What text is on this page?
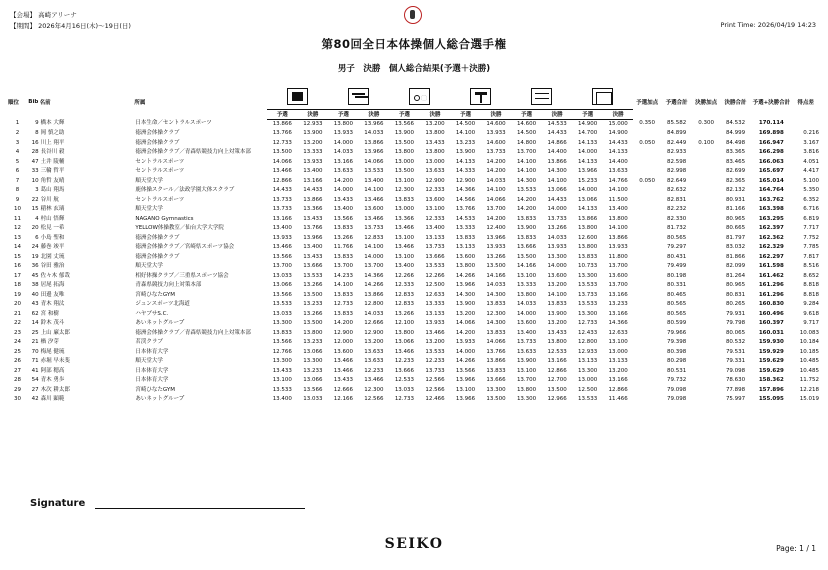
【会場】 高崎アリーナ
【期間】 2026年4月16日(木)～19日(日)	Print Time: 2026/04/19 14:23
第80回全日本体操個人総合選手権
男子　決勝　個人総合結果(予選＋決勝)
順位	Bib	名前	所属													予選加点	予選合計	決勝加点	決勝合計	予選+決勝合計	得点差
				予選	決勝	予選	決勝	予選	決勝	予選	決勝	予選	決勝	予選	決勝						
1	9	橋本 大輝	日本生命／セントラルスポーツ	13.866	12.933	13.800	13.966	13.566	13.200	14.500	14.600	14.600	14.533	14.900	15.000	0.350	85.582	0.300	84.532	170.114	
2	8	岡 慎之助	徳洲会体操クラブ	13.766	13.900	13.933	14.033	13.900	13.800	14.100	13.933	14.500	14.433	14.700	14.900		84.899		84.999	169.898	0.216
3	16	川上 翔平	徳洲会体操クラブ	12.733	13.200	14.000	13.866	13.500	13.433	13.233	14.600	14.800	14.866	14.133	14.433	0.050	82.449	0.100	84.498	166.947	3.167
4	28	長谷川 毅	徳洲会体操クラブ／青森県競技力向上対策本部	13.500	13.333	14.033	13.966	13.800	13.800	13.900	13.733	13.700	14.400	14.000	14.133		82.933		83.365	166.298	3.816
5	47	土井 陵輔	セントラルスポーツ	14.066	13.933	13.166	14.066	13.000	13.000	14.133	14.200	14.100	13.866	14.133	14.400		82.598		83.465	166.063	4.051
6	33	三輪 哲平	セントラルスポーツ	13.466	13.400	13.633	13.533	13.500	13.633	14.333	14.200	14.100	14.300	13.966	13.633		82.998		82.699	165.697	4.417
7	10	角哲 友晴	順天堂大学	12.866	13.166	14.200	13.400	13.100	12.900	12.900	14.033	14.300	14.100	15.233	14.766	0.050	82.649		82.365	165.014	5.100
8	3	葛山 翔馬	鹿体操スクール／法政学園大体スクラブ	14.433	14.433	14.000	14.100	12.300	12.333	14.366	14.100	13.533	13.066	14.000	14.100		82.632		82.132	164.764	5.350
9	22	谷川 航	セントラルスポーツ	13.733	13.866	13.433	13.466	13.833	13.600	14.566	14.066	14.200	14.433	13.066	11.500		82.831		80.931	163.762	6.352
10	15	稲林 玄璃	順天堂大学	13.733	13.366	13.400	13.600	13.000	13.100	13.766	13.700	14.200	14.000	14.133	13.400		82.232		81.166	163.398	6.716
11	4	村山 悟輝	NAGANO Gymnastics	13.166	13.433	13.566	13.466	13.366	12.333	14.533	14.200	13.833	13.733	13.866	13.800		82.330		80.965	163.295	6.819
12	20	松見 一希	YELLOW体操教室／仙台大学大学院	13.400	13.766	13.833	13.733	13.466	13.400	13.333	12.400	13.900	13.266	13.800	14.100		81.732		80.665	162.397	7.717
13	6	小島 聖和	徳洲会体操クラブ	13.933	13.966	13.266	12.833	13.100	13.133	13.833	13.966	13.833	14.033	12.600	13.866		80.565		81.797	162.362	7.752
14	24	藤巻 竣平	徳洲会体操クラブ／宮崎県スポーツ協会	13.466	13.400	11.766	14.100	13.466	13.733	13.133	13.933	13.666	13.933	13.800	13.933		79.297		83.032	162.329	7.785
15	19	北園 丈琉	徳洲会体操クラブ	13.566	13.433	13.833	14.000	13.100	13.666	13.600	13.266	13.500	13.300	13.833	11.800		80.431		81.866	162.297	7.817
16	36	谷田 雅治	順天堂大学	13.700	13.666	13.700	13.700	13.400	13.533	13.800	13.500	14.166	14.000	10.733	13.700		79.499		82.099	161.598	8.516
17	45	佐々木 郁哉	相好体操クラブ／三重県スポーツ協会	13.033	13.533	14.233	14.366	12.266	12.266	14.266	14.166	13.100	13.600	13.300	13.600		80.198		81.264	161.462	8.652
18	38	居尾 拓海	青森県競技力向上対策本部	13.066	13.266	14.100	14.266	12.333	12.500	13.966	14.033	13.333	13.200	13.533	13.700		80.331		80.965	161.296	8.818
19	40	田邊 友唯	宮崎ひなたGYM	13.566	13.500	13.833	13.866	12.833	12.633	14.300	14.300	13.800	14.100	13.733	13.166		80.465		80.831	161.296	8.818
20	43	青木 翔汰	ジュンスポーツ北海道	13.533	13.233	12.733	12.800	12.833	13.333	13.900	13.833	14.033	13.833	13.533	13.233		80.565		80.265	160.830	9.284
21	62	宮 和樹	ハヤブサS.C.	13.033	13.266	13.833	14.033	13.266	13.133	13.200	12.300	14.000	13.900	13.300	13.166		80.565		79.931	160.496	9.618
22	14	鈴木 茂斗	あいネットグループ	13.300	13.500	14.200	12.666	12.100	13.933	14.066	14.300	13.600	13.200	12.733	14.366		80.599		79.798	160.397	9.717
23	25	上山 廉太郎	徳洲会体操クラブ／青森県競技力向上対策本部	13.833	13.800	12.900	12.900	13.800	13.466	14.200	13.833	13.400	13.433	12.433	12.633		79.966		80.065	160.031	10.083
24	21	楢 汐芽	茗渓クラブ	13.566	13.233	12.000	13.200	13.066	13.200	13.933	14.066	13.733	13.800	12.800	13.100		79.398		80.532	159.930	10.184
25	70	梅尾 健琉	日本体育大学	12.766	13.066	13.600	13.633	13.466	13.533	14.000	13.766	13.633	12.533	12.933	13.000		80.398		79.531	159.929	10.185
26	71	赤堀 早未斐	順天堂大学	13.300	13.300	13.466	13.633	12.233	12.233	14.266	13.866	13.900	13.166	13.133	13.133		80.298		79.331	159.629	10.485
27	41	阿部 穂高	日本体育大学	13.433	13.233	13.466	12.233	13.666	13.733	13.566	13.833	13.100	12.866	13.300	13.200		80.531		79.098	159.629	10.485
28	54	青木 勇歩	日本体育大学	13.100	13.066	13.433	13.466	12.533	12.566	13.966	13.666	13.700	12.700	13.000	13.166		79.732		78.630	158.362	11.752
29	27	木次 耕太郎	宮崎ひなたGYM	13.533	13.566	12.666	12.300	13.033	12.566	13.100	13.300	13.800	13.500	12.500	12.866		79.098		77.898	157.896	12.218
30	42	森川 顕範	あいネットグループ	13.400	13.033	12.166	12.566	12.733	12.466	13.966	13.500	13.300	12.966	13.533	11.466		79.098		75.997	155.095	15.019
Signature
SEIKO	Page: 1 / 1
